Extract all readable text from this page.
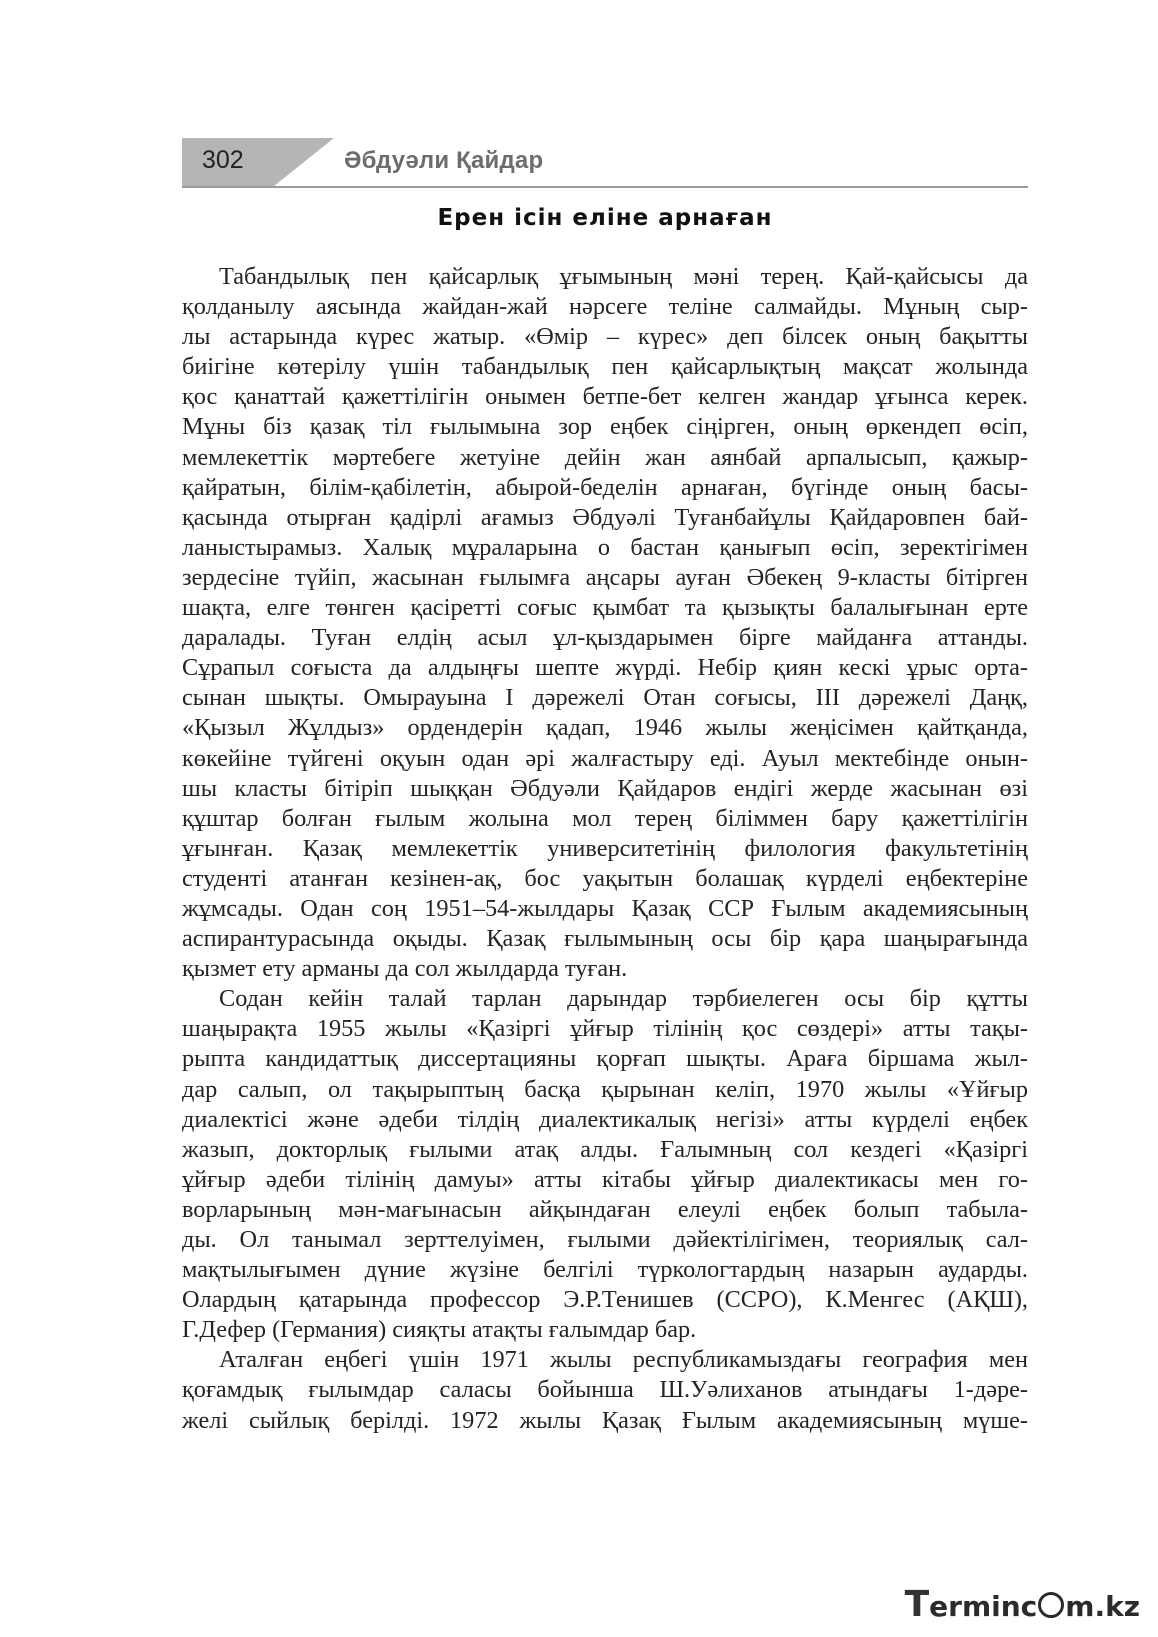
302	Әбдуәли Қайдар
Ерен ісін еліне арнаған
Табандылық пен қайсарлық ұғымының мәні терең. Қай-қайсысы да
қолданылу аясында жайдан-жай нәрсеге теліне салмайды. Мұның сыр-
лы астарында күрес жатыр. «Өмір – күрес» деп білсек оның бақытты
биігіне көтерілу үшін табандылық пен қайсарлықтың мақсат жолында
қос қанаттай қажеттілігін онымен бетпе-бет келген жандар ұғынса керек.
Мұны біз қазақ тіл ғылымына зор еңбек сіңірген, оның өркендеп өсіп,
мемлекеттік мәртебеге жетуіне дейін жан аянбай арпалысып, қажыр-
қайратын, білім-қабілетін, абырой-беделін арнаған, бүгінде оның басы-
қасында отырған қадірлі ағамыз Әбдуәлі Туғанбайұлы Қайдаровпен бай-
ланыстырамыз. Халық мұраларына о бастан қанығып өсіп, зеректігімен
зердесіне түйіп, жасынан ғылымға аңсары ауған Әбекең 9-класты бітірген
шақта, елге төнген қасіретті соғыс қымбат та қызықты балалығынан ерте
даралады. Туған елдің асыл ұл-қыздарымен бірге майданға аттанды.
Сұрапыл соғыста да алдыңғы шепте жүрді. Небір қиян кескі ұрыс орта-
сынан шықты. Омырауына І дәрежелі Отан соғысы, ІІІ дәрежелі Даңқ,
«Қызыл Жұлдыз» ордендерін қадап, 1946 жылы жеңісімен қайтқанда,
көкейіне түйгені оқуын одан әрі жалғастыру еді. Ауыл мектебінде онын-
шы класты бітіріп шыққан Әбдуәли Қайдаров ендігі жерде жасынан өзі
құштар болған ғылым жолына мол терең біліммен бару қажеттілігін
ұғынған. Қазақ мемлекеттік университетінің филология факультетінің
студенті атанған кезінен-ақ, бос уақытын болашақ күрделі еңбектеріне
жұмсады. Одан соң 1951–54-жылдары Қазақ ССР Ғылым академиясының
аспирантурасында оқыды. Қазақ ғылымының осы бір қара шаңырағында
қызмет ету арманы да сол жылдарда туған.
Содан кейін талай тарлан дарындар тәрбиелеген осы бір құтты
шаңырақта 1955 жылы «Қазіргі ұйғыр тілінің қос сөздері» атты тақы-
рыпта кандидаттық диссертацияны қорғап шықты. Араға біршама жыл-
дар салып, ол тақырыптың басқа қырынан келіп, 1970 жылы «Ұйғыр
диалектісі және әдеби тілдің диалектикалық негізі» атты күрделі еңбек
жазып, докторлық ғылыми атақ алды. Ғалымның сол кездегі «Қазіргі
ұйғыр әдеби тілінің дамуы» атты кітабы ұйғыр диалектикасы мен го-
ворларының мән-мағынасын айқындаған елеулі еңбек болып табыла-
ды. Ол танымал зерттелуімен, ғылыми дәйектілігімен, теориялық сал-
мақтылығымен дүние жүзіне белгілі түркологтардың назарын аударды.
Олардың қатарында профессор Э.Р.Тенишев (ССРО), К.Менгес (АҚШ),
Г.Дефер (Германия) сияқты атақты ғалымдар бар.
Аталған еңбегі үшін 1971 жылы республикамыздағы география мен
қоғамдық ғылымдар саласы бойынша Ш.Уәлиханов атындағы 1-дәре-
желі сыйлық берілді. 1972 жылы Қазақ Ғылым академиясының мүше-
Terminc m.kz
